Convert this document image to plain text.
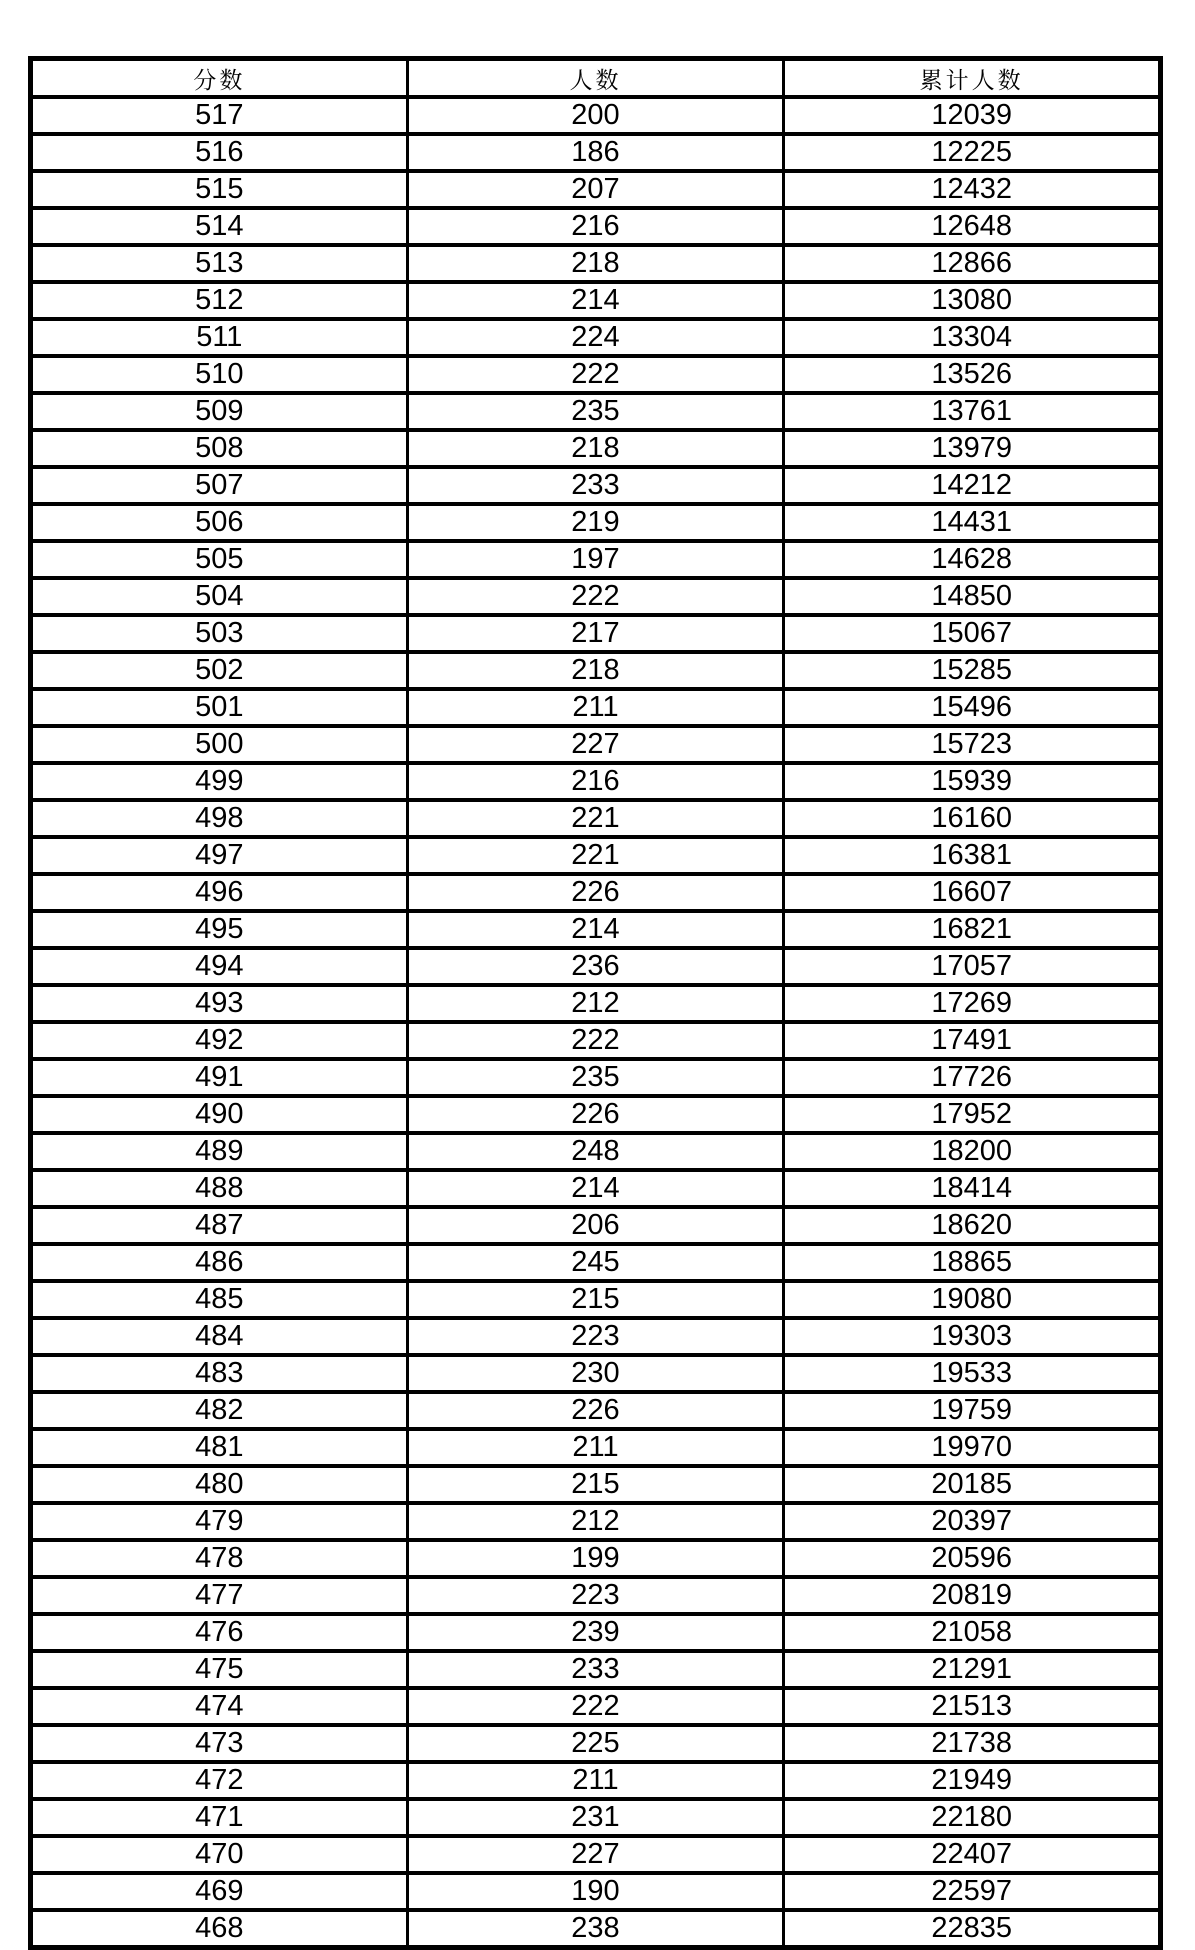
分数	人数	累计人数
517	200	12039
516	186	12225
515	207	12432
514	216	12648
513	218	12866
512	214	13080
511	224	13304
510	222	13526
509	235	13761
508	218	13979
507	233	14212
506	219	14431
505	197	14628
504	222	14850
503	217	15067
502	218	15285
501	211	15496
500	227	15723
499	216	15939
498	221	16160
497	221	16381
496	226	16607
495	214	16821
494	236	17057
493	212	17269
492	222	17491
491	235	17726
490	226	17952
489	248	18200
488	214	18414
487	206	18620
486	245	18865
485	215	19080
484	223	19303
483	230	19533
482	226	19759
481	211	19970
480	215	20185
479	212	20397
478	199	20596
477	223	20819
476	239	21058
475	233	21291
474	222	21513
473	225	21738
472	211	21949
471	231	22180
470	227	22407
469	190	22597
468	238	22835
